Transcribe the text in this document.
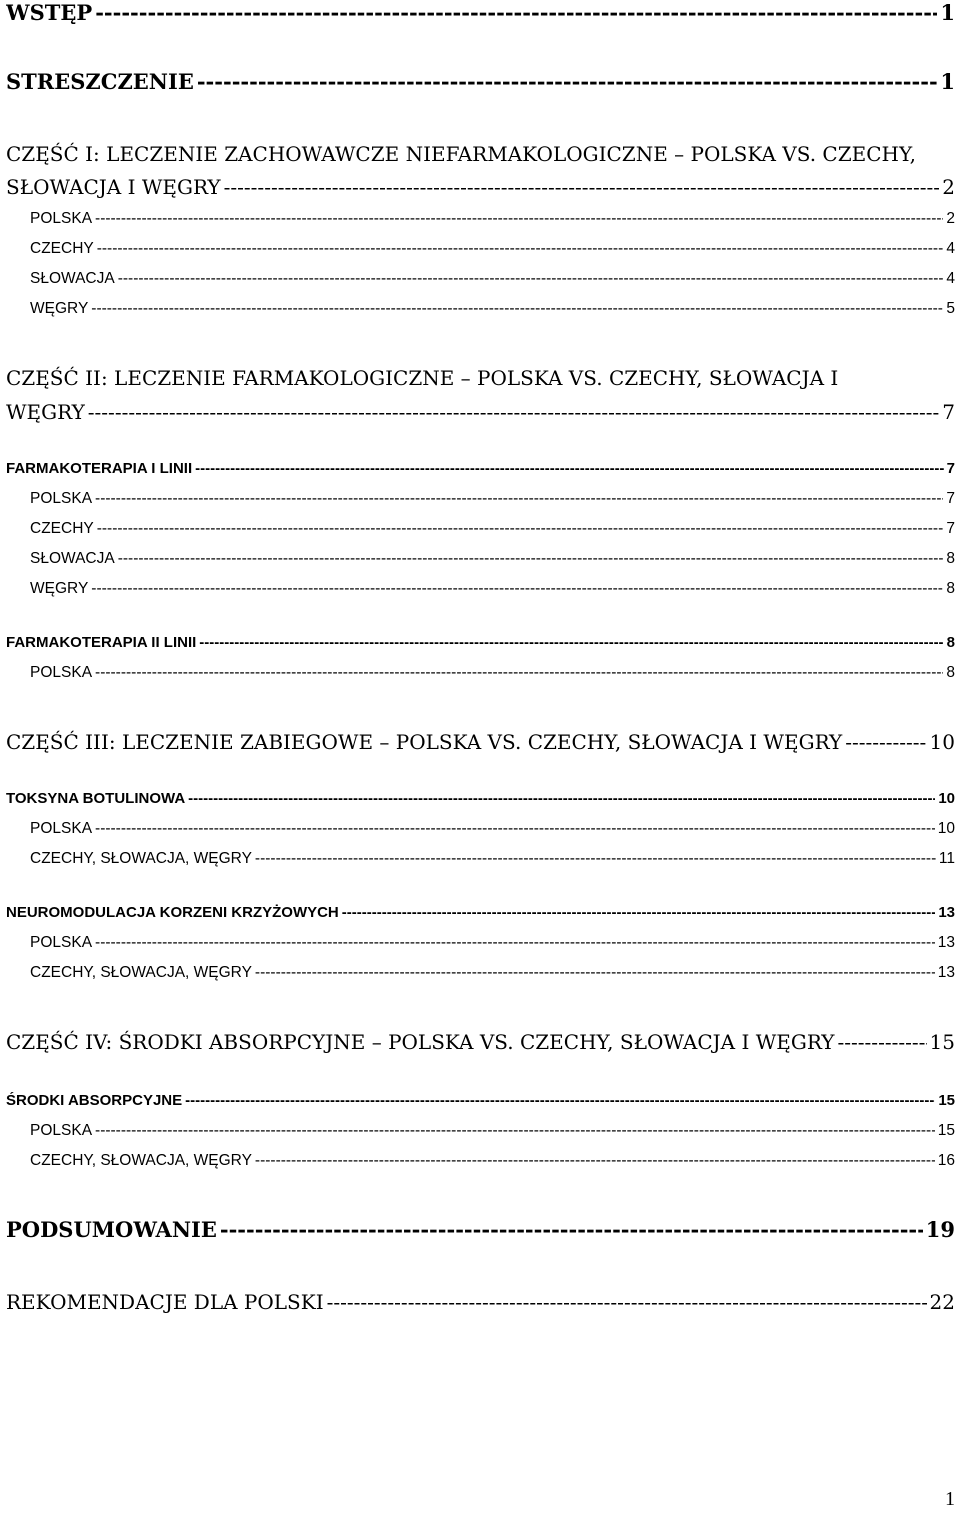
WSTĘP -----	1
STRESZCZENIE -----	1
CZĘŚĆ I: LECZENIE ZACHOWAWCZE NIEFARMAKOLOGICZNE – POLSKA VS. CZECHY,
SŁOWACJA I WĘGRY -----	2
POLSKA -----	2
CZECHY -----	4
SŁOWACJA -----	4
WĘGRY -----	5
CZĘŚĆ II: LECZENIE FARMAKOLOGICZNE – POLSKA VS. CZECHY, SŁOWACJA I
WĘGRY -----	7
FARMAKOTERAPIA I LINII -----	7
POLSKA -----	7
CZECHY -----	7
SŁOWACJA -----	8
WĘGRY -----	8
FARMAKOTERAPIA II LINII -----	8
POLSKA -----	8
CZĘŚĆ III: LECZENIE ZABIEGOWE – POLSKA VS. CZECHY, SŁOWACJA I WĘGRY -----	10
TOKSYNA BOTULINOWA -----	10
POLSKA -----	10
CZECHY, SŁOWACJA, WĘGRY -----	11
NEUROMODULACJA KORZENI KRZYŻOWYCH -----	13
POLSKA -----	13
CZECHY, SŁOWACJA, WĘGRY -----	13
CZĘŚĆ IV: ŚRODKI ABSORPCYJNE – POLSKA VS. CZECHY, SŁOWACJA I WĘGRY -----	15
ŚRODKI ABSORPCYJNE -----	15
POLSKA -----	15
CZECHY, SŁOWACJA, WĘGRY -----	16
PODSUMOWANIE -----	19
REKOMENDACJE DLA POLSKI -----	22
1
